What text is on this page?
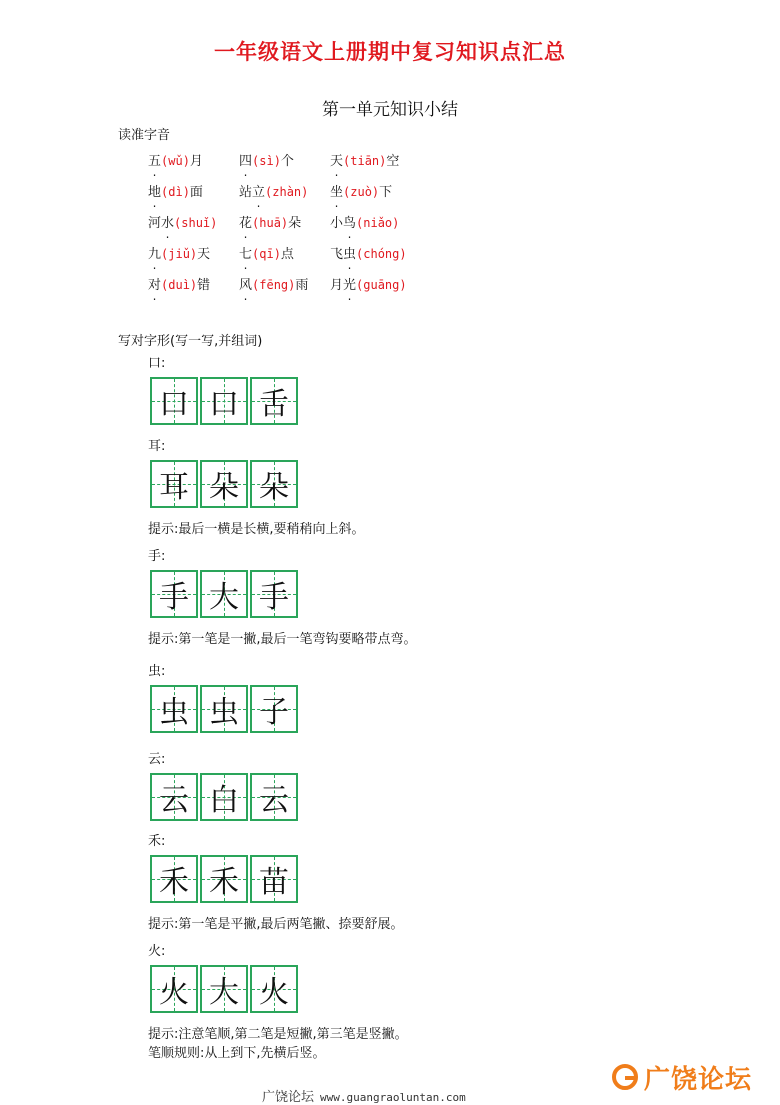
一年级语文上册期中复习知识点汇总
第一单元知识小结
读准字音
五(wǔ)月	四(sì)个	天(tiān)空
地(dì)面	站立(zhàn)	坐(zuò)下
河水(shuǐ)	花(huā)朵	小鸟(niǎo)
九(jiǔ)天	七(qī)点	飞虫(chóng)
对(duì)错	风(fēng)雨	月光(guāng)
写对字形(写一写,并组词)
口:
口 口 舌
耳:
耳 朵 朵
提示:最后一横是长横,要稍稍向上斜。
手:
手 大 手
提示:第一笔是一撇,最后一笔弯钩要略带点弯。
虫:
虫 虫 子
云:
云 白 云
禾:
禾 禾 苗
提示:第一笔是平撇,最后两笔撇、捺要舒展。
火:
火 大 火
提示:注意笔顺,第二笔是短撇,第三笔是竖撇。
笔顺规则:从上到下,先横后竖。
广饶论坛 www.guangraoluntan.com
广饶论坛
